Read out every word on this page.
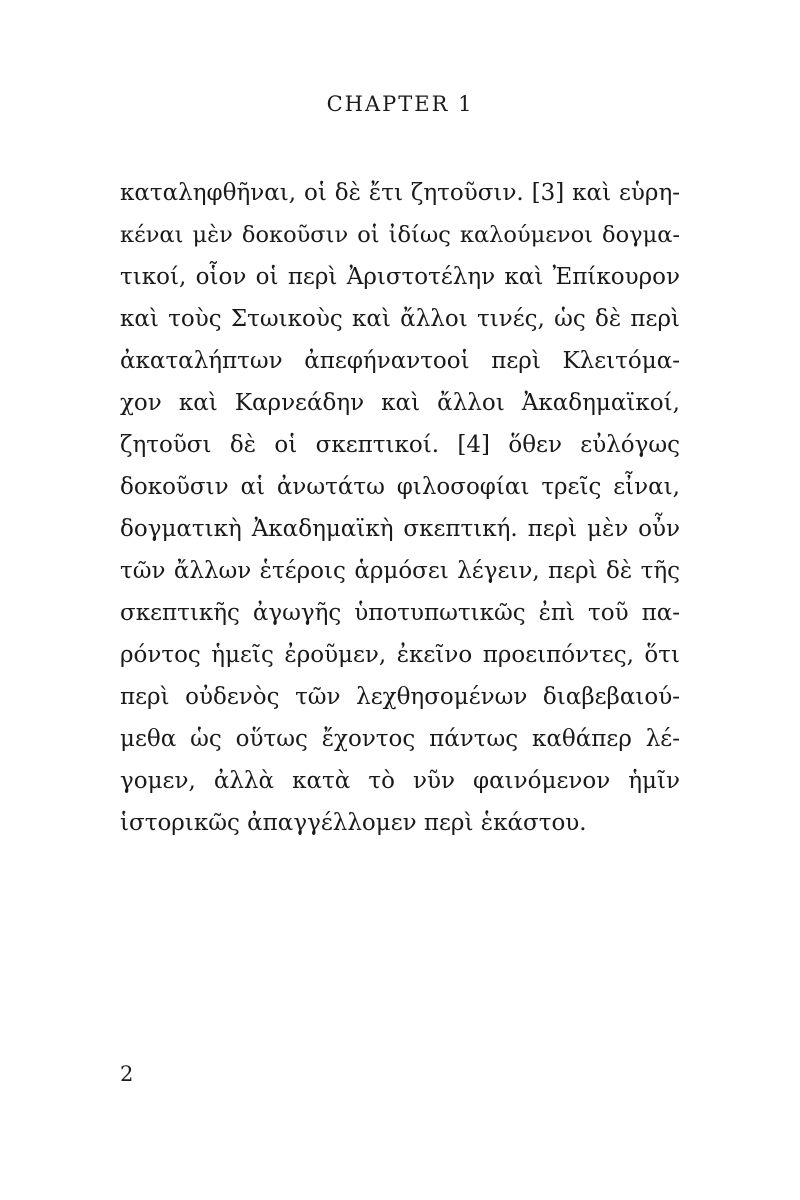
CHAPTER 1
καταληφθῆναι, οἱ δὲ ἔτι ζητοῦσιν. [3] καὶ εὑρη-
κέναι μὲν δοκοῦσιν οἱ ἰδίως καλούμενοι δογμα-
τικοί, οἷον οἱ περὶ Ἀριστοτέλην καὶ Ἐπίκουρον
καὶ τοὺς Στωικοὺς καὶ ἄλλοι τινές, ὡς δὲ περὶ
ἀκαταλήπτων ἀπεφήναντοοἱ περὶ Κλειτόμα-
χον καὶ Καρνεάδην καὶ ἄλλοι Ἀκαδημαϊκοί,
ζητοῦσι δὲ οἱ σκεπτικοί. [4] ὅθεν εὐλόγως
δοκοῦσιν αἱ ἀνωτάτω φιλοσοφίαι τρεῖς εἶναι,
δογματικὴ Ἀκαδημαϊκὴ σκεπτική. περὶ μὲν οὖν
τῶν ἄλλων ἑτέροις ἁρμόσει λέγειν, περὶ δὲ τῆς
σκεπτικῆς ἀγωγῆς ὑποτυπωτικῶς ἐπὶ τοῦ πα-
ρόντος ἡμεῖς ἐροῦμεν, ἐκεῖνο προειπόντες, ὅτι
περὶ οὐδενὸς τῶν λεχθησομένων διαβεβαιού-
μεθα ὡς οὕτως ἔχοντος πάντως καθάπερ λέ-
γομεν, ἀλλὰ κατὰ τὸ νῦν φαινόμενον ἡμῖν
ἱστορικῶς ἀπαγγέλλομεν περὶ ἑκάστου.
2
